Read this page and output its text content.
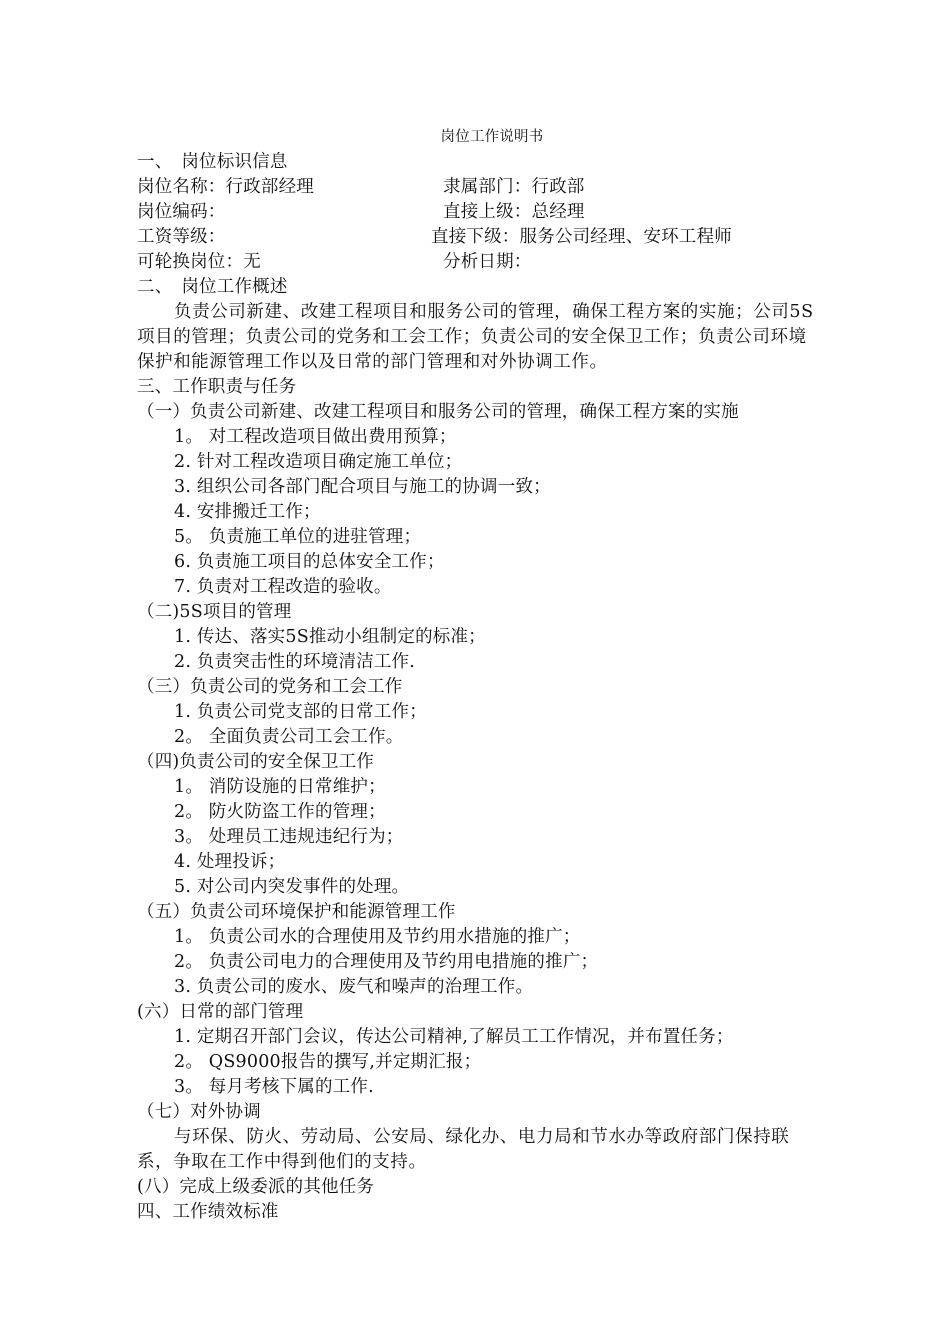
岗位工作说明书
一、　岗位标识信息
岗位名称：行政部经理	隶属部门：行政部
岗位编码：	直接上级：总经理
工资等级：	直接下级：服务公司经理、安环工程师
可轮换岗位：无	分析日期：
二、　岗位工作概述
负责公司新建、改建工程项目和服务公司的管理，确保工程方案的实施；公司5S项目的管理；负责公司的党务和工会工作；负责公司的安全保卫工作；负责公司环境保护和能源管理工作以及日常的部门管理和对外协调工作。
三、工作职责与任务
（一）负责公司新建、改建工程项目和服务公司的管理，确保工程方案的实施
1。 对工程改造项目做出费用预算；
2. 针对工程改造项目确定施工单位；
3. 组织公司各部门配合项目与施工的协调一致；
4. 安排搬迁工作；
5。 负责施工单位的进驻管理；
6. 负责施工项目的总体安全工作；
7. 负责对工程改造的验收。
（二)5S项目的管理
1. 传达、落实5S推动小组制定的标准；
2. 负责突击性的环境清洁工作.
（三）负责公司的党务和工会工作
1. 负责公司党支部的日常工作；
2。 全面负责公司工会工作。
（四)负责公司的安全保卫工作
1。 消防设施的日常维护；
2。 防火防盗工作的管理；
3。 处理员工违规违纪行为；
4. 处理投诉；
5. 对公司内突发事件的处理。
（五）负责公司环境保护和能源管理工作
1。 负责公司水的合理使用及节约用水措施的推广；
2。 负责公司电力的合理使用及节约用电措施的推广；
3. 负责公司的废水、废气和噪声的治理工作。
(六）日常的部门管理
1. 定期召开部门会议，传达公司精神,了解员工工作情况，并布置任务；
2。 QS9000报告的撰写,并定期汇报；
3。 每月考核下属的工作.
（七）对外协调
与环保、防火、劳动局、公安局、绿化办、电力局和节水办等政府部门保持联系，争取在工作中得到他们的支持。
(八）完成上级委派的其他任务
四、工作绩效标准
